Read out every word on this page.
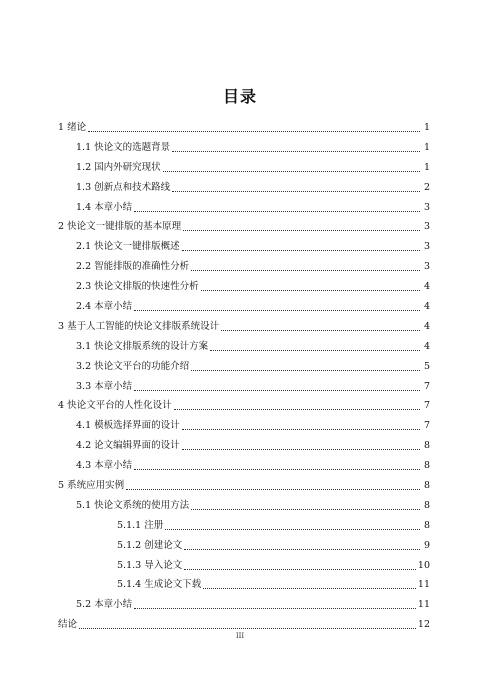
目录
1 绪论	1
1.1 快论文的选题背景	1
1.2 国内外研究现状	1
1.3 创新点和技术路线	2
1.4 本章小结	3
2 快论文一键排版的基本原理	3
2.1 快论文一键排版概述	3
2.2 智能排版的准确性分析	3
2.3 快论文排版的快速性分析	4
2.4 本章小结	4
3 基于人工智能的快论文排版系统设计	4
3.1 快论文排版系统的设计方案	4
3.2 快论文平台的功能介绍	5
3.3 本章小结	7
4 快论文平台的人性化设计	7
4.1 模板选择界面的设计	7
4.2 论文编辑界面的设计	8
4.3 本章小结	8
5 系统应用实例	8
5.1 快论文系统的使用方法	8
5.1.1 注册	8
5.1.2 创建论文	9
5.1.3 导入论文	10
5.1.4 生成论文下载	11
5.2 本章小结	11
结论	12
III
